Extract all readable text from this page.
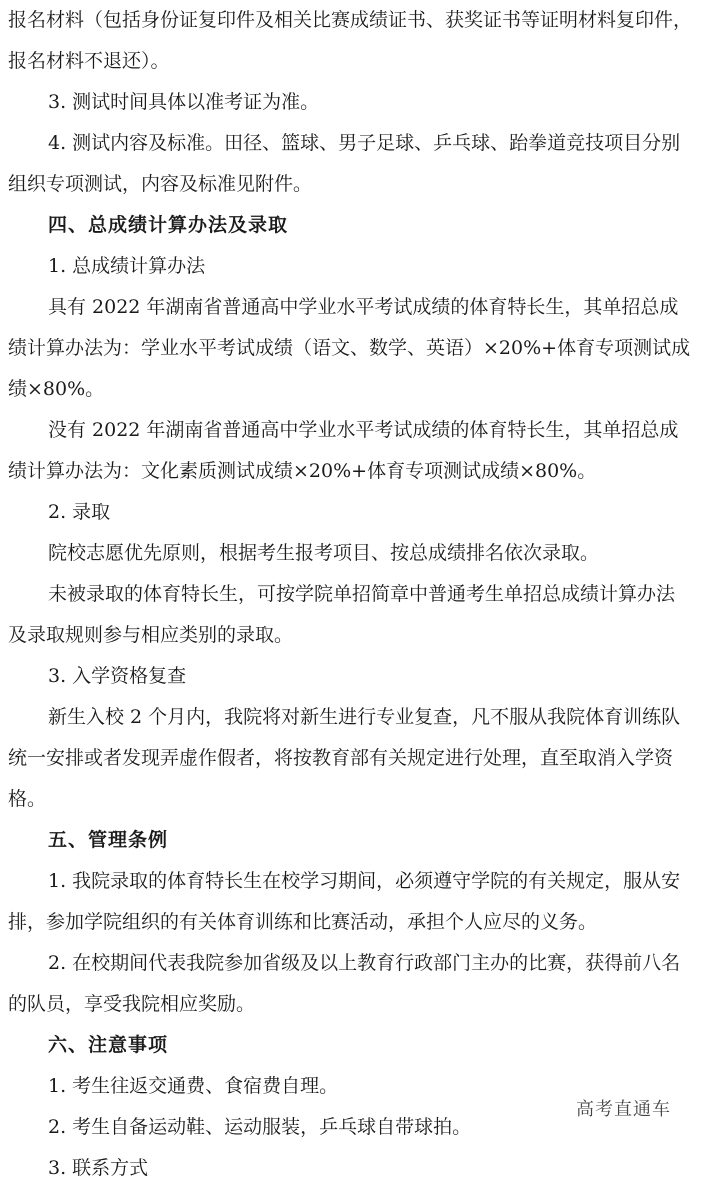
报名材料（包括身份证复印件及相关比赛成绩证书、获奖证书等证明材料复印件，

报名材料不退还）。

3. 测试时间具体以准考证为准。

4. 测试内容及标准。田径、篮球、男子足球、乒乓球、跆拳道竞技项目分别

组织专项测试，内容及标准见附件。

四、总成绩计算办法及录取

1. 总成绩计算办法

具有 2022 年湖南省普通高中学业水平考试成绩的体育特长生，其单招总成

绩计算办法为：学业水平考试成绩（语文、数学、英语）×20%+体育专项测试成

绩×80%。

没有 2022 年湖南省普通高中学业水平考试成绩的体育特长生，其单招总成

绩计算办法为：文化素质测试成绩×20%+体育专项测试成绩×80%。

2. 录取

院校志愿优先原则，根据考生报考项目、按总成绩排名依次录取。

未被录取的体育特长生，可按学院单招简章中普通考生单招总成绩计算办法

及录取规则参与相应类别的录取。

3. 入学资格复查

新生入校 2 个月内，我院将对新生进行专业复查，凡不服从我院体育训练队

统一安排或者发现弄虚作假者，将按教育部有关规定进行处理，直至取消入学资

格。

五、管理条例

1. 我院录取的体育特长生在校学习期间，必须遵守学院的有关规定，服从安

排，参加学院组织的有关体育训练和比赛活动，承担个人应尽的义务。

2. 在校期间代表我院参加省级及以上教育行政部门主办的比赛，获得前八名

的队员，享受我院相应奖励。

六、注意事项

1. 考生往返交通费、食宿费自理。

2. 考生自备运动鞋、运动服装，乒乓球自带球拍。

3. 联系方式

高考直通车
